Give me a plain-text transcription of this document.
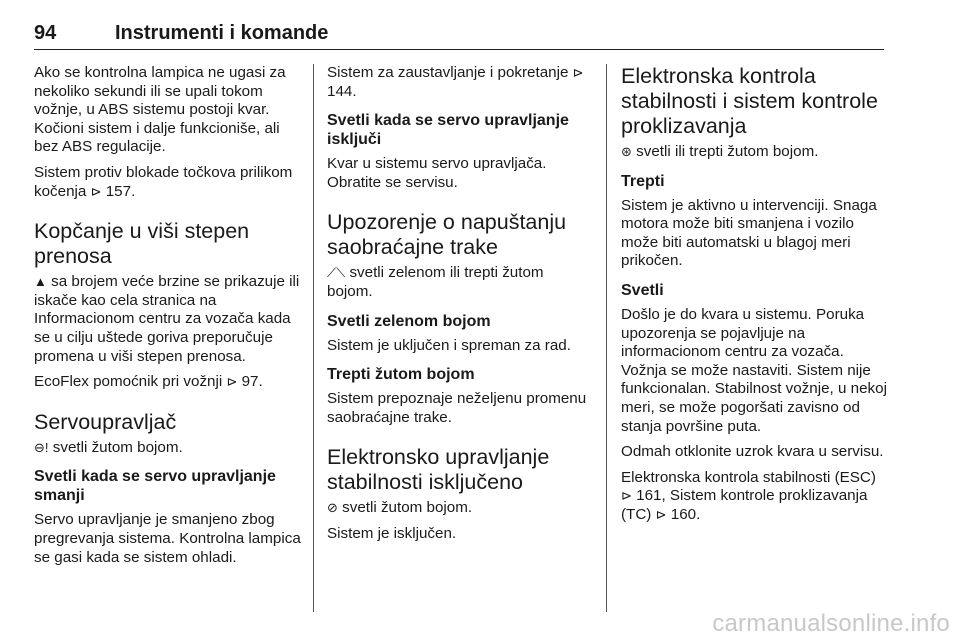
94	Instrumenti i komande
Ako se kontrolna lampica ne ugasi za nekoliko sekundi ili se upali tokom vožnje, u ABS sistemu postoji kvar. Kočioni sistem i dalje funkcioniše, ali bez ABS regulacije.
Sistem protiv blokade točkova prilikom kočenja ⊳ 157.
Kopčanje u viši stepen prenosa
▲ sa brojem veće brzine se prikazuje ili iskače kao cela stranica na Informacionom centru za vozača kada se u cilju uštede goriva preporučuje promena u viši stepen prenosa.
EcoFlex pomoćnik pri vožnji ⊳ 97.
Servoupravljač
⊖! svetli žutom bojom.
Svetli kada se servo upravljanje smanji
Servo upravljanje je smanjeno zbog pregrevanja sistema. Kontrolna lampica se gasi kada se sistem ohladi.
Sistem za zaustavljanje i pokretanje ⊳ 144.
Svetli kada se servo upravljanje isključi
Kvar u sistemu servo upravljača. Obratite se servisu.
Upozorenje o napuštanju saobraćajne trake
⟋⟍ svetli zelenom ili trepti žutom bojom.
Svetli zelenom bojom
Sistem je uključen i spreman za rad.
Trepti žutom bojom
Sistem prepoznaje neželjenu promenu saobraćajne trake.
Elektronsko upravljanje stabilnosti isključeno
⊘ svetli žutom bojom.
Sistem je isključen.
Elektronska kontrola stabilnosti i sistem kontrole proklizavanja
⊛ svetli ili trepti žutom bojom.
Trepti
Sistem je aktivno u intervenciji. Snaga motora može biti smanjena i vozilo može biti automatski u blagoj meri prikočen.
Svetli
Došlo je do kvara u sistemu. Poruka upozorenja se pojavljuje na informacionom centru za vozača. Vožnja se može nastaviti. Sistem nije funkcionalan. Stabilnost vožnje, u nekoj meri, se može pogoršati zavisno od stanja površine puta.
Odmah otklonite uzrok kvara u servisu.
Elektronska kontrola stabilnosti (ESC) ⊳ 161, Sistem kontrole proklizavanja (TC) ⊳ 160.
carmanualsonline.info
